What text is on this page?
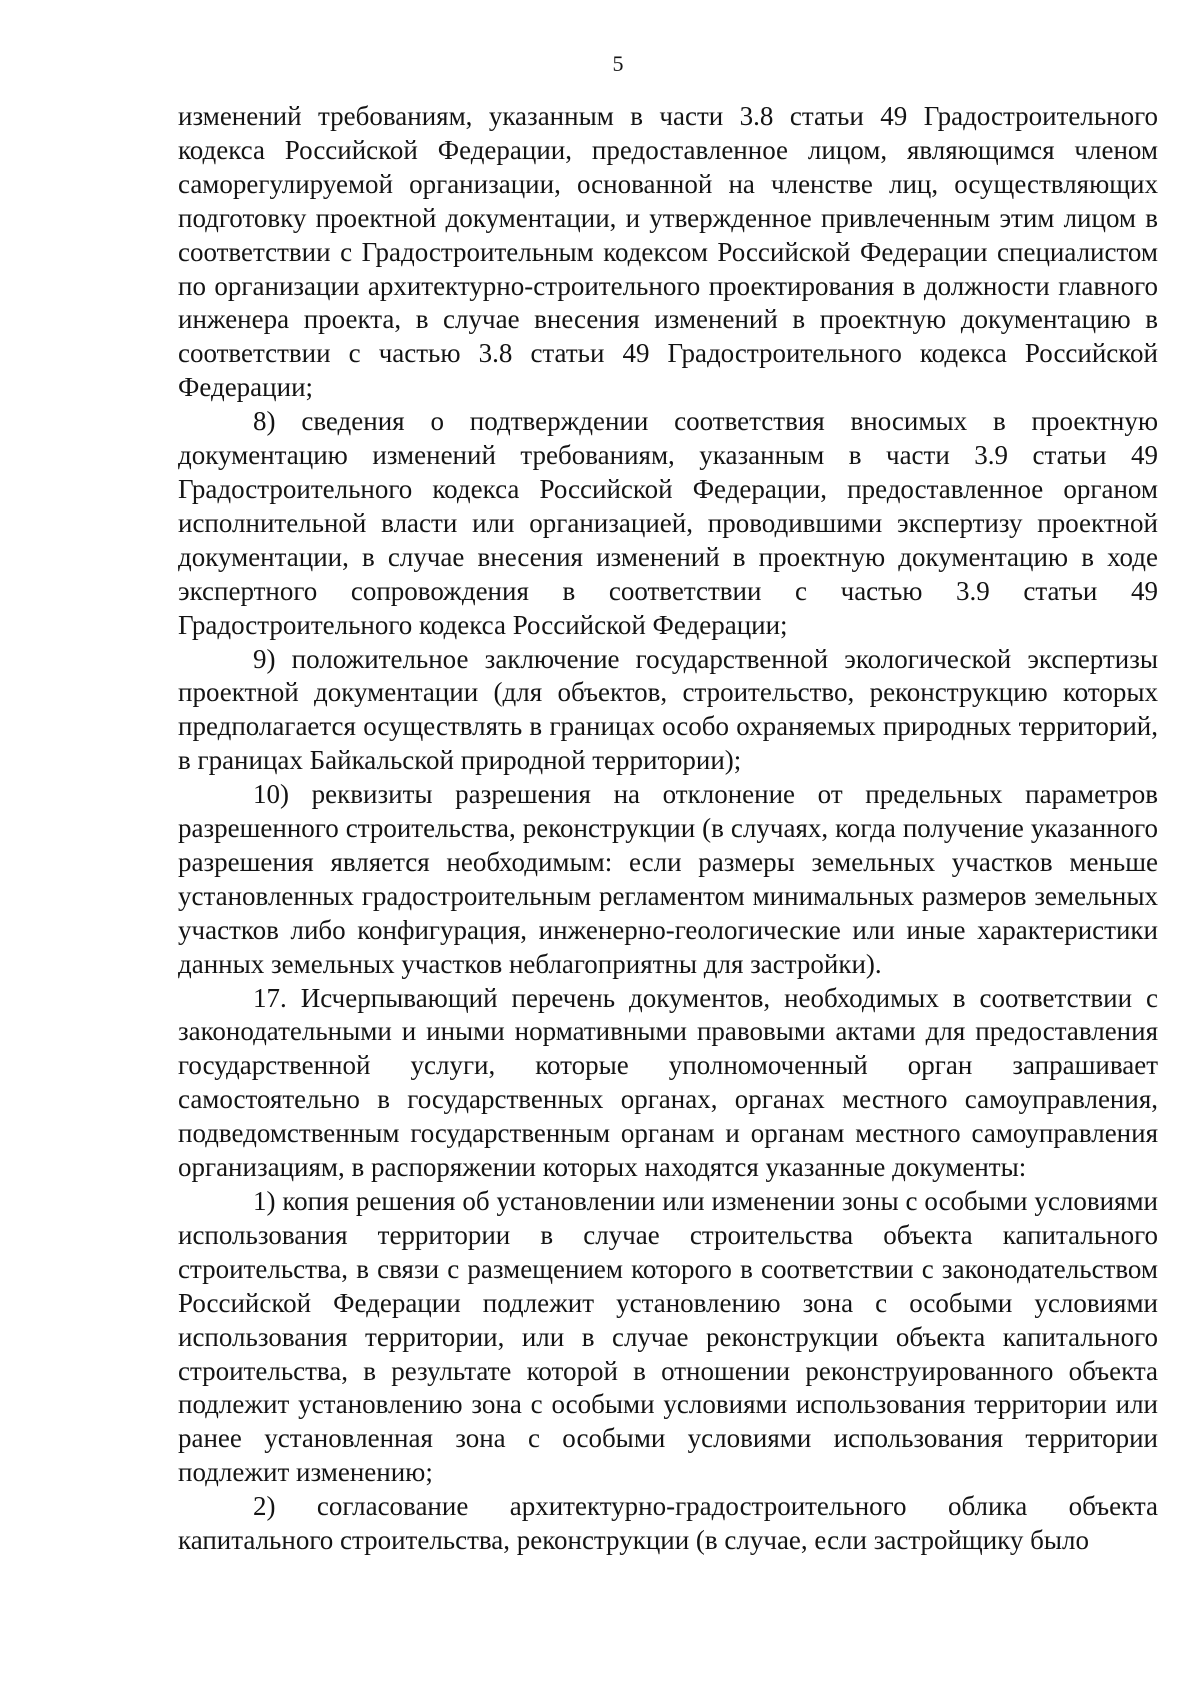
5

изменений требованиям, указанным в части 3.8 статьи 49 Градостроительного кодекса Российской Федерации, предоставленное лицом, являющимся членом саморегулируемой организации, основанной на членстве лиц, осуществляющих подготовку проектной документации, и утвержденное привлеченным этим лицом в соответствии с Градостроительным кодексом Российской Федерации специалистом по организации архитектурно-строительного проектирования в должности главного инженера проекта, в случае внесения изменений в проектную документацию в соответствии с частью 3.8 статьи 49 Градостроительного кодекса Российской Федерации;

8) сведения о подтверждении соответствия вносимых в проектную документацию изменений требованиям, указанным в части 3.9 статьи 49 Градостроительного кодекса Российской Федерации, предоставленное органом исполнительной власти или организацией, проводившими экспертизу проектной документации, в случае внесения изменений в проектную документацию в ходе экспертного сопровождения в соответствии с частью 3.9 статьи 49 Градостроительного кодекса Российской Федерации;

9) положительное заключение государственной экологической экспертизы проектной документации (для объектов, строительство, реконструкцию которых предполагается осуществлять в границах особо охраняемых природных территорий, в границах Байкальской природной территории);

10) реквизиты разрешения на отклонение от предельных параметров разрешенного строительства, реконструкции (в случаях, когда получение указанного разрешения является необходимым: если размеры земельных участков меньше установленных градостроительным регламентом минимальных размеров земельных участков либо конфигурация, инженерно-геологические или иные характеристики данных земельных участков неблагоприятны для застройки).

17. Исчерпывающий перечень документов, необходимых в соответствии с законодательными и иными нормативными правовыми актами для предоставления государственной услуги, которые уполномоченный орган запрашивает самостоятельно в государственных органах, органах местного самоуправления, подведомственным государственным органам и органам местного самоуправления организациям, в распоряжении которых находятся указанные документы:

1) копия решения об установлении или изменении зоны с особыми условиями использования территории в случае строительства объекта капитального строительства, в связи с размещением которого в соответствии с законодательством Российской Федерации подлежит установлению зона с особыми условиями использования территории, или в случае реконструкции объекта капитального строительства, в результате которой в отношении реконструированного объекта подлежит установлению зона с особыми условиями использования территории или ранее установленная зона с особыми условиями использования территории подлежит изменению;

2) согласование архитектурно-градостроительного облика объекта капитального строительства, реконструкции (в случае, если застройщику было
